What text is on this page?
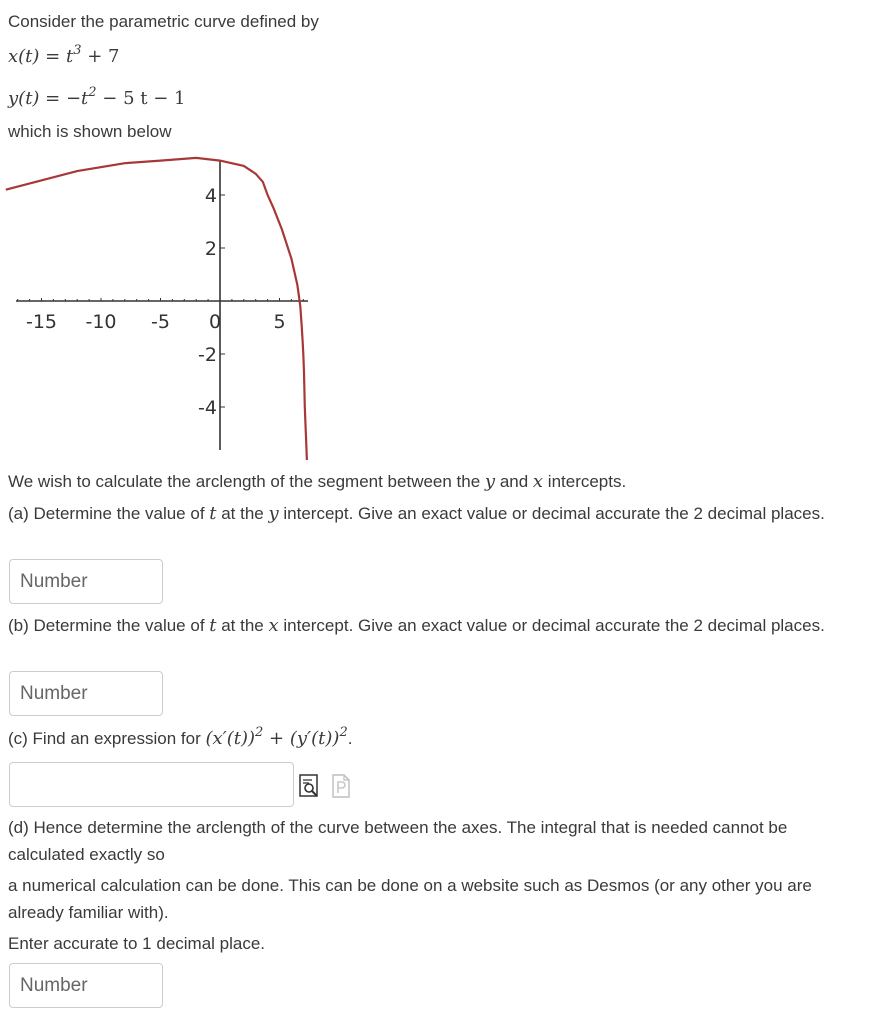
Consider the parametric curve defined by
$x(t) = t^3 + 7$
$y(t) = -t^2 - 5$ t − 1
which is shown below
-15 -10 -5 0	5
4
2
-2
-4
We wish to calculate the arclength of the segment between the y and x intercepts.
(a) Determine the value of t at the y intercept. Give an exact value or decimal accurate the 2 decimal places.
Number
(b) Determine the value of t at the x intercept. Give an exact value or decimal accurate the 2 decimal places.
Number
(c) Find an expression for $(x'(t))^2 + (y'(t))^2$.
(d) Hence determine the arclength of the curve between the axes. The integral that is needed cannot be calculated exactly so
a numerical calculation can be done. This can be done on a website such as Desmos (or any other you are already familiar with).
Enter accurate to 1 decimal place.
Number
